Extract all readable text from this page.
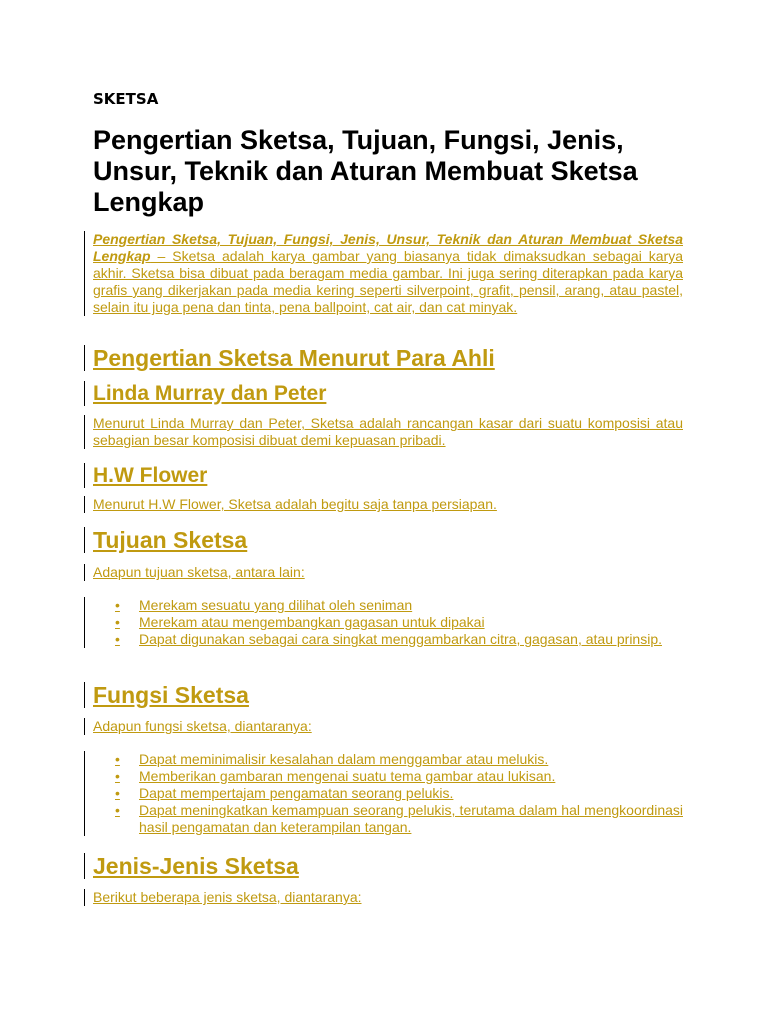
SKETSA
Pengertian Sketsa, Tujuan, Fungsi, Jenis, Unsur, Teknik dan Aturan Membuat Sketsa Lengkap

Pengertian Sketsa, Tujuan, Fungsi, Jenis, Unsur, Teknik dan Aturan Membuat Sketsa Lengkap – Sketsa adalah karya gambar yang biasanya tidak dimaksudkan sebagai karya akhir. Sketsa bisa dibuat pada beragam media gambar. Ini juga sering diterapkan pada karya grafis yang dikerjakan pada media kering seperti silverpoint, grafit, pensil, arang, atau pastel, selain itu juga pena dan tinta, pena ballpoint, cat air, dan cat minyak.

Pengertian Sketsa Menurut Para Ahli
Linda Murray dan Peter

Menurut Linda Murray dan Peter, Sketsa adalah rancangan kasar dari suatu komposisi atau sebagian besar komposisi dibuat demi kepuasan pribadi.

H.W Flower

Menurut H.W Flower, Sketsa adalah begitu saja tanpa persiapan.

Tujuan Sketsa

Adapun tujuan sketsa, antara lain:

• Merekam sesuatu yang dilihat oleh seniman
• Merekam atau mengembangkan gagasan untuk dipakai
• Dapat digunakan sebagai cara singkat menggambarkan citra, gagasan, atau prinsip.
Fungsi Sketsa

Adapun fungsi sketsa, diantaranya:

• Dapat meminimalisir kesalahan dalam menggambar atau melukis.
• Memberikan gambaran mengenai suatu tema gambar atau lukisan.
• Dapat mempertajam pengamatan seorang pelukis.
• Dapat meningkatkan kemampuan seorang pelukis, terutama dalam hal mengkoordinasi hasil pengamatan dan keterampilan tangan.
Jenis-Jenis Sketsa

Berikut beberapa jenis sketsa, diantaranya:
